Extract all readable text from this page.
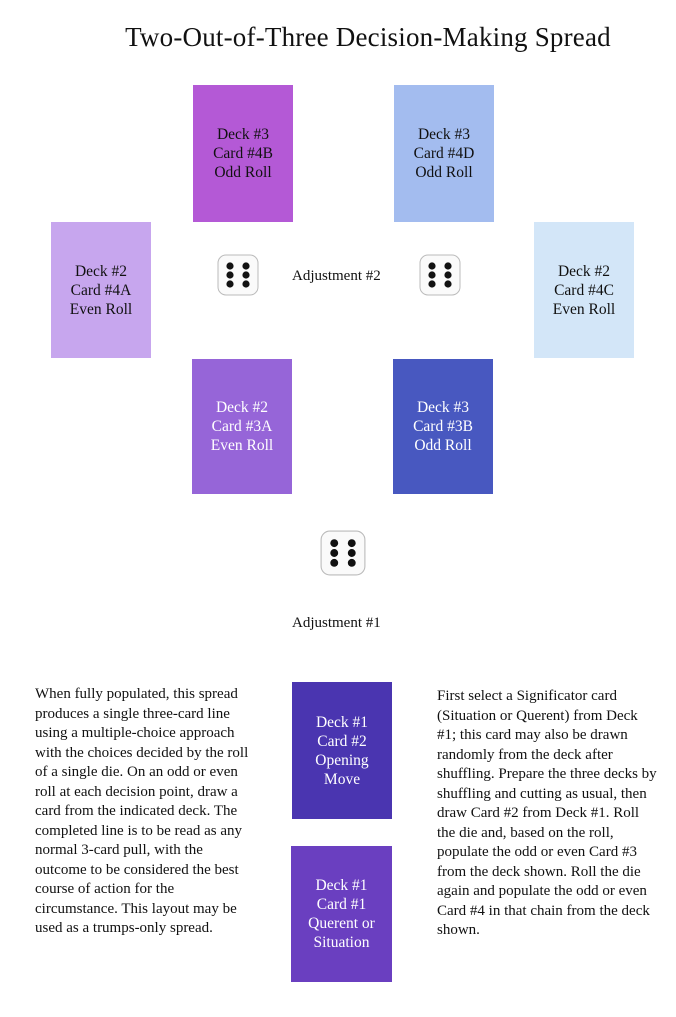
Two-Out-of-Three Decision-Making Spread
Deck #3
Card #4B
Odd Roll
Deck #3
Card #4D
Odd Roll
Deck #2
Card #4A
Even Roll
Deck #2
Card #4C
Even Roll
Adjustment #2
Deck #2
Card #3A
Even Roll
Deck #3
Card #3B
Odd Roll
Adjustment #1

When fully populated, this spread produces a single three-card line using a multiple-choice approach with the choices decided by the roll of a single die. On an odd or even roll at each decision point, draw a card from the indicated deck. The completed line is to be read as any normal 3-card pull, with the outcome to be considered the best course of action for the circumstance. This layout may be used as a trumps-only spread.

First select a Significator card (Situation or Querent) from Deck #1; this card may also be drawn randomly from the deck after shuffling. Prepare the three decks by shuffling and cutting as usual, then draw Card #2 from Deck #1. Roll the die and, based on the roll, populate the odd or even Card #3 from the deck shown. Roll the die again and populate the odd or even Card #4 in that chain from the deck shown.

Deck #1
Card #2
Opening
Move
Deck #1
Card #1
Querent or
Situation
